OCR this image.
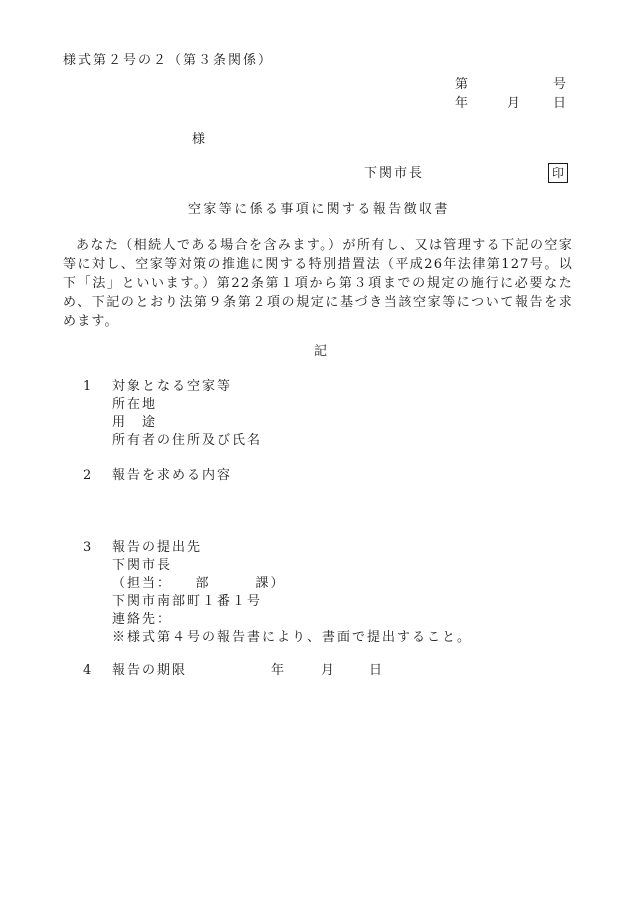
様式第２号の２（第３条関係）
第	号
年	月 日
様
下関市長	印
空家等に係る事項に関する報告徴収書
あなた（相続人である場合を含みます。）が所有し、又は管理する下記の空家等に対し、空家等対策の推進に関する特別措置法（平成26年法律第127号。以下「法」といいます。）第22条第１項から第３項までの規定の施行に必要なため、下記のとおり法第９条第２項の規定に基づき当該空家等について報告を求めます。
記
1 対象となる空家等
所在地
用　途
所有者の住所及び氏名
2 報告を求める内容
3 報告の提出先
下関市長
（担当：　　部　　　課）
下関市南部町１番１号
連絡先：
※様式第４号の報告書により、書面で提出すること。
4 報告の期限	年	月	日
